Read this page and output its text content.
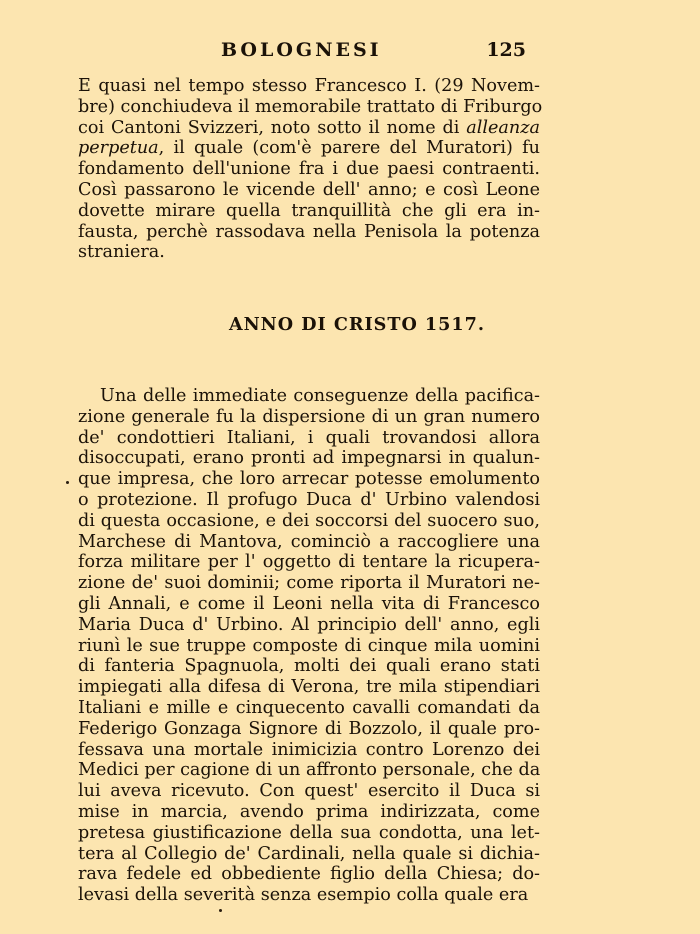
BOLOGNESI	125
E quasi nel tempo stesso Francesco I. (29 Novem-
bre) conchiudeva il memorabile trattato di Friburgo
coi Cantoni Svizzeri, noto sotto il nome di alleanza
perpetua, il quale (com'è parere del Muratori) fu
fondamento dell'unione fra i due paesi contraenti.
Così passarono le vicende dell' anno; e così Leone
dovette mirare quella tranquillità che gli era in-
fausta, perchè rassodava nella Penisola la potenza
straniera.
ANNO DI CRISTO 1517.
Una delle immediate conseguenze della pacifica-
zione generale fu la dispersione di un gran numero
de' condottieri Italiani, i quali trovandosi allora
disoccupati, erano pronti ad impegnarsi in qualun-
que impresa, che loro arrecar potesse emolumento
o protezione. Il profugo Duca d' Urbino valendosi
di questa occasione, e dei soccorsi del suocero suo,
Marchese di Mantova, cominciò a raccogliere una
forza militare per l' oggetto di tentare la ricupera-
zione de' suoi dominii; come riporta il Muratori ne-
gli Annali, e come il Leoni nella vita di Francesco
Maria Duca d' Urbino. Al principio dell' anno, egli
riunì le sue truppe composte di cinque mila uomini
di fanteria Spagnuola, molti dei quali erano stati
impiegati alla difesa di Verona, tre mila stipendiari
Italiani e mille e cinquecento cavalli comandati da
Federigo Gonzaga Signore di Bozzolo, il quale pro-
fessava una mortale inimicizia contro Lorenzo dei
Medici per cagione di un affronto personale, che da
lui aveva ricevuto. Con quest' esercito il Duca si
mise in marcia, avendo prima indirizzata, come
pretesa giustificazione della sua condotta, una let-
tera al Collegio de' Cardinali, nella quale si dichia-
rava fedele ed obbediente figlio della Chiesa; do-
levasi della severità senza esempio colla quale era
